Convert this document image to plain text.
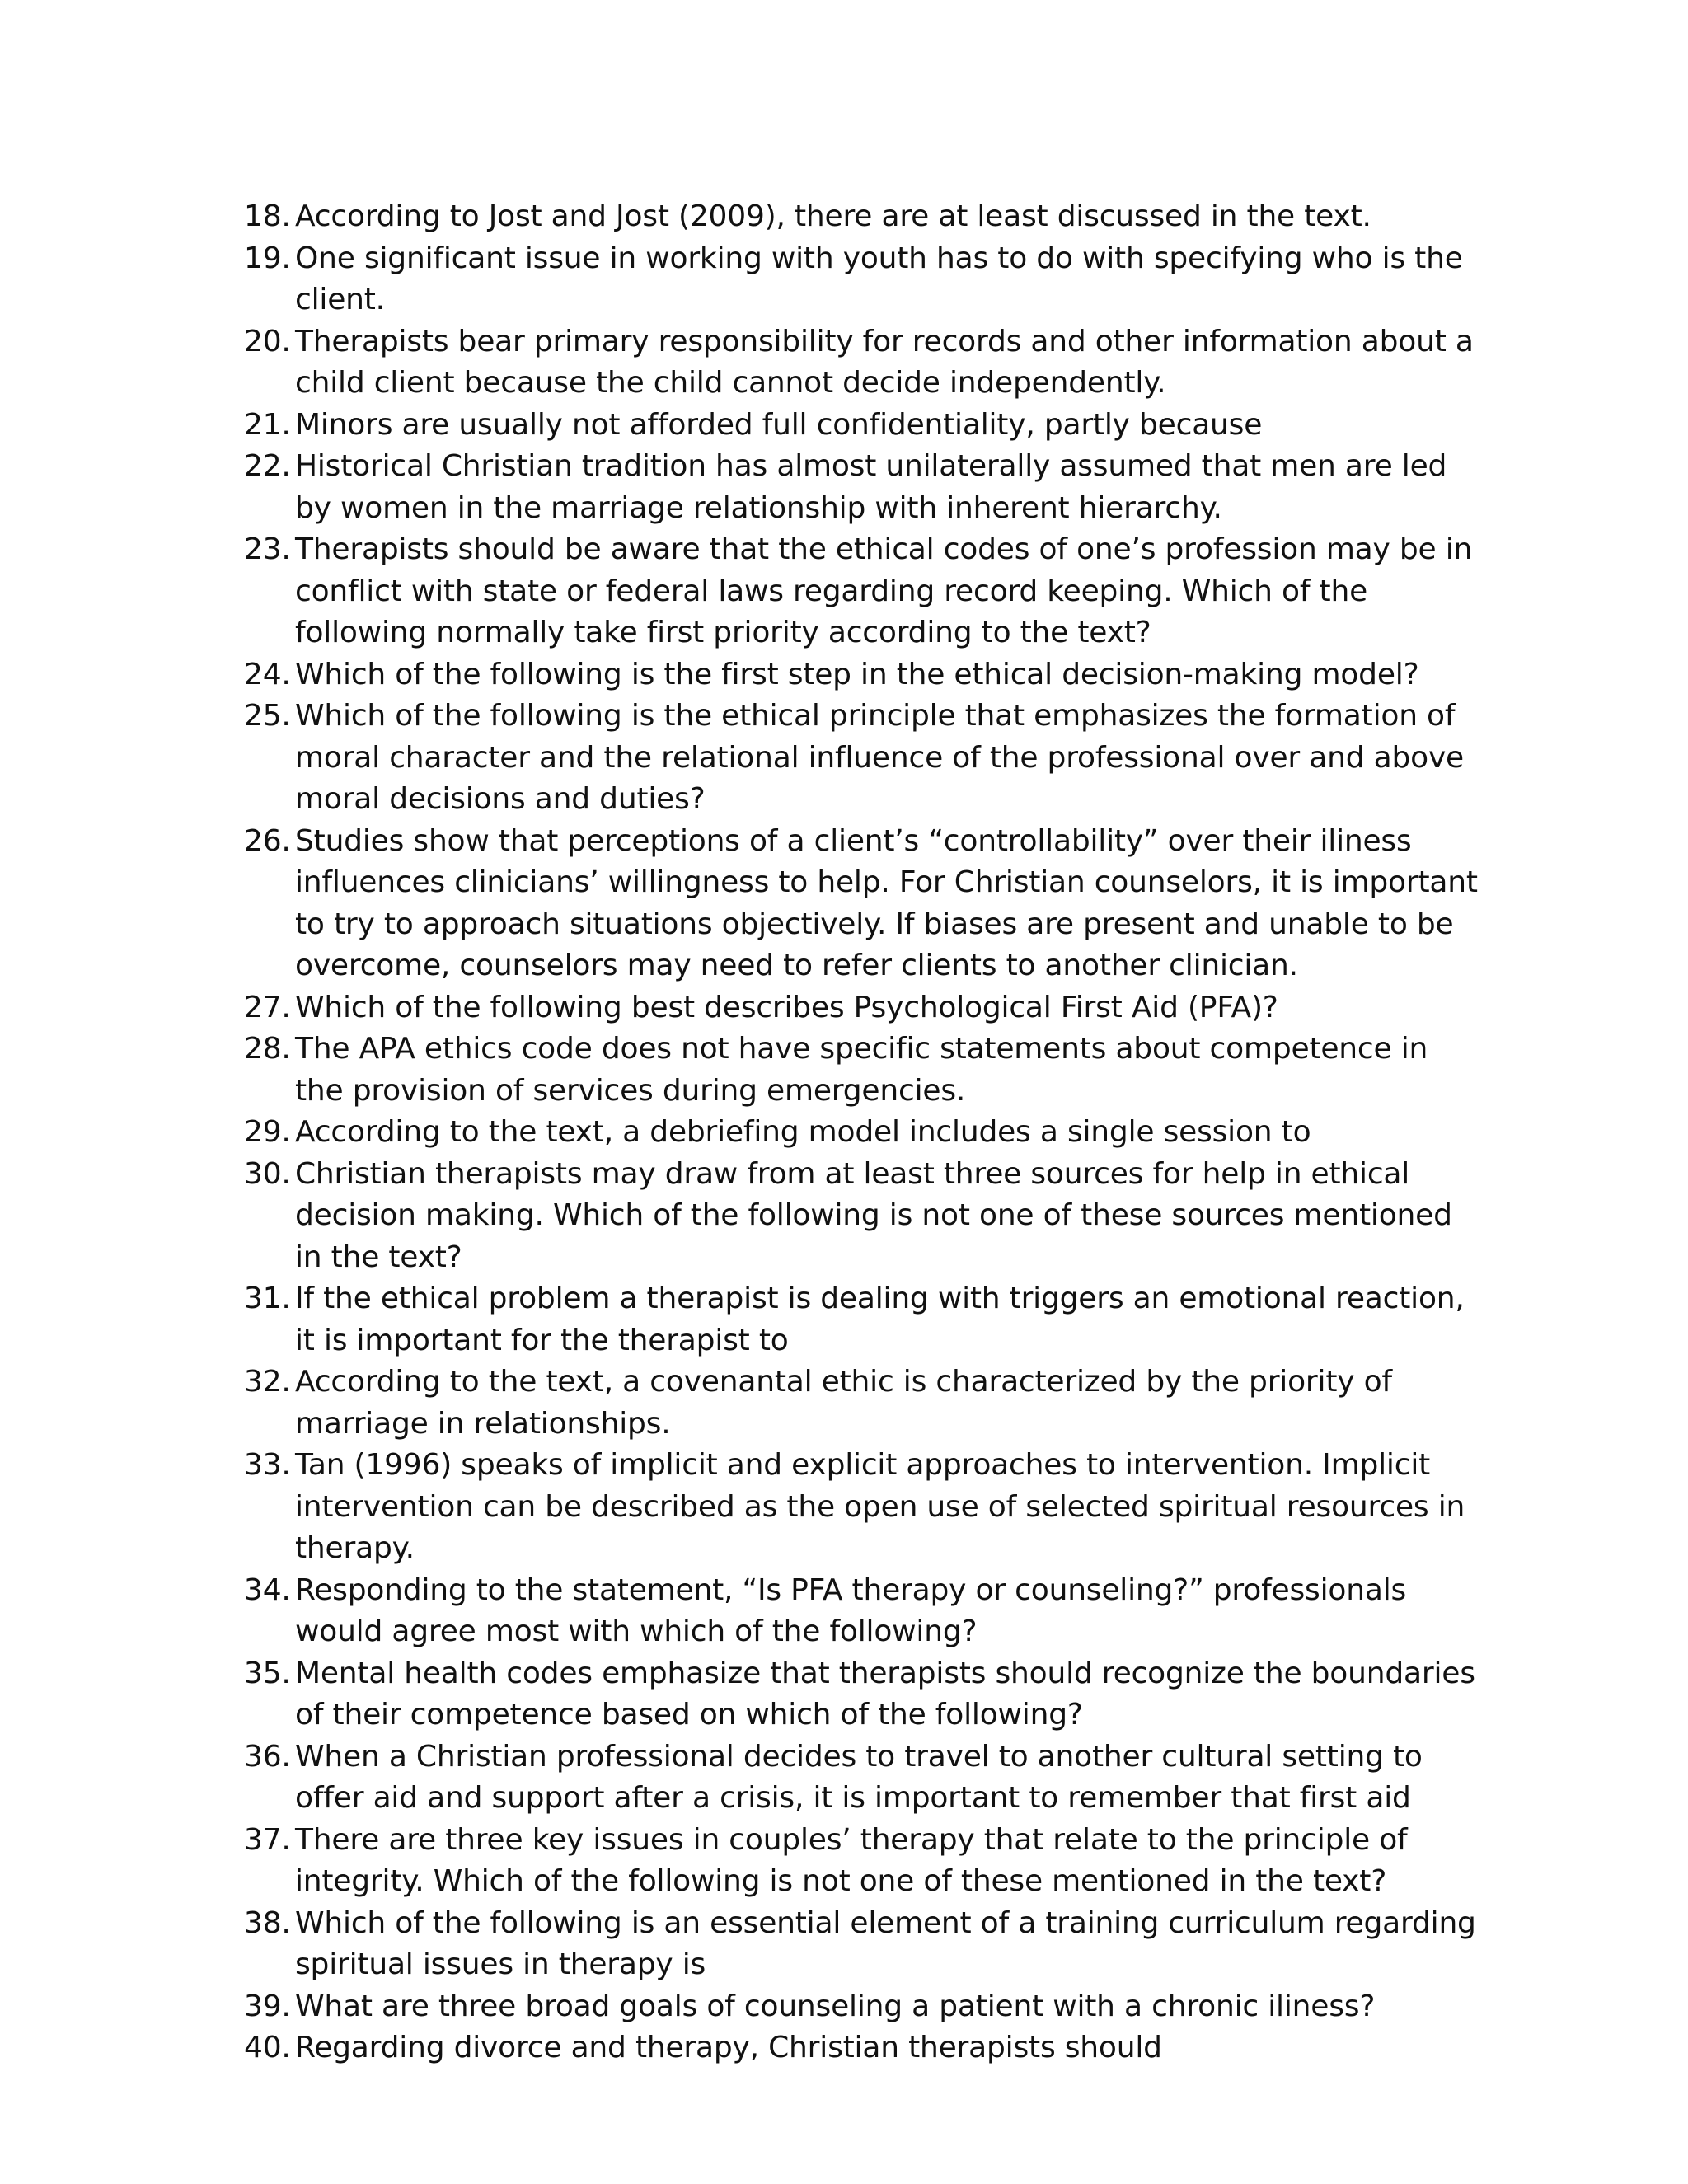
18. According to Jost and Jost (2009), there are at least discussed in the text.
19. One significant issue in working with youth has to do with specifying who is the client.
20. Therapists bear primary responsibility for records and other information about a child client because the child cannot decide independently.
21. Minors are usually not afforded full confidentiality, partly because
22. Historical Christian tradition has almost unilaterally assumed that men are led by women in the marriage relationship with inherent hierarchy.
23. Therapists should be aware that the ethical codes of one’s profession may be in conflict with state or federal laws regarding record keeping. Which of the following normally take first priority according to the text?
24. Which of the following is the first step in the ethical decision-making model?
25. Which of the following is the ethical principle that emphasizes the formation of moral character and the relational influence of the professional over and above moral decisions and duties?
26. Studies show that perceptions of a client’s “controllability” over their iliness influences clinicians’ willingness to help. For Christian counselors, it is important to try to approach situations objectively. If biases are present and unable to be overcome, counselors may need to refer clients to another clinician.
27. Which of the following best describes Psychological First Aid (PFA)?
28. The APA ethics code does not have specific statements about competence in the provision of services during emergencies.
29. According to the text, a debriefing model includes a single session to
30. Christian therapists may draw from at least three sources for help in ethical decision making. Which of the following is not one of these sources mentioned in the text?
31. If the ethical problem a therapist is dealing with triggers an emotional reaction, it is important for the therapist to
32. According to the text, a covenantal ethic is characterized by the priority of marriage in relationships.
33. Tan (1996) speaks of implicit and explicit approaches to intervention. Implicit intervention can be described as the open use of selected spiritual resources in therapy.
34. Responding to the statement, “Is PFA therapy or counseling?” professionals would agree most with which of the following?
35. Mental health codes emphasize that therapists should recognize the boundaries of their competence based on which of the following?
36. When a Christian professional decides to travel to another cultural setting to offer aid and support after a crisis, it is important to remember that first aid
37. There are three key issues in couples’ therapy that relate to the principle of integrity. Which of the following is not one of these mentioned in the text?
38. Which of the following is an essential element of a training curriculum regarding spiritual issues in therapy is
39. What are three broad goals of counseling a patient with a chronic iliness?
40. Regarding divorce and therapy, Christian therapists should
